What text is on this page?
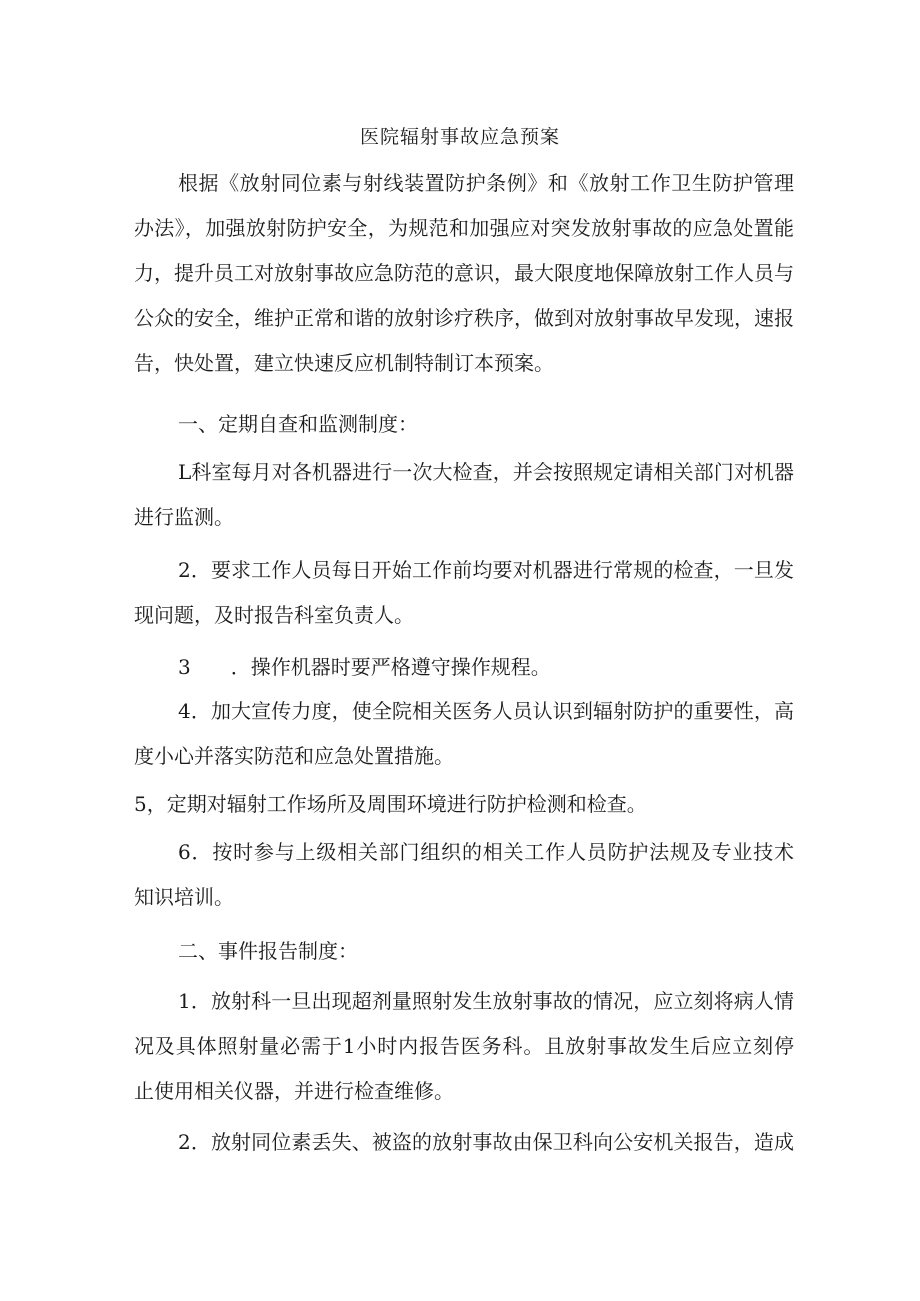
医院辐射事故应急预案
根据《放射同位素与射线装置防护条例》和《放射工作卫生防护管理
办法》，加强放射防护安全，为规范和加强应对突发放射事故的应急处置能
力，提升员工对放射事故应急防范的意识，最大限度地保障放射工作人员与
公众的安全，维护正常和谐的放射诊疗秩序，做到对放射事故早发现，速报
告，快处置，建立快速反应机制特制订本预案。
一、定期自查和监测制度：
L科室每月对各机器进行一次大检查，并会按照规定请相关部门对机器
进行监测。
2．要求工作人员每日开始工作前均要对机器进行常规的检查，一旦发
现问题，及时报告科室负责人。
3　　．操作机器时要严格遵守操作规程。
4．加大宣传力度，使全院相关医务人员认识到辐射防护的重要性，高
度小心并落实防范和应急处置措施。
5，定期对辐射工作场所及周围环境进行防护检测和检查。
6．按时参与上级相关部门组织的相关工作人员防护法规及专业技术
知识培训。
二、事件报告制度：
1．放射科一旦出现超剂量照射发生放射事故的情况，应立刻将病人情
况及具体照射量必需于1小时内报告医务科。且放射事故发生后应立刻停
止使用相关仪器，并进行检查维修。
2．放射同位素丢失、被盗的放射事故由保卫科向公安机关报告，造成
